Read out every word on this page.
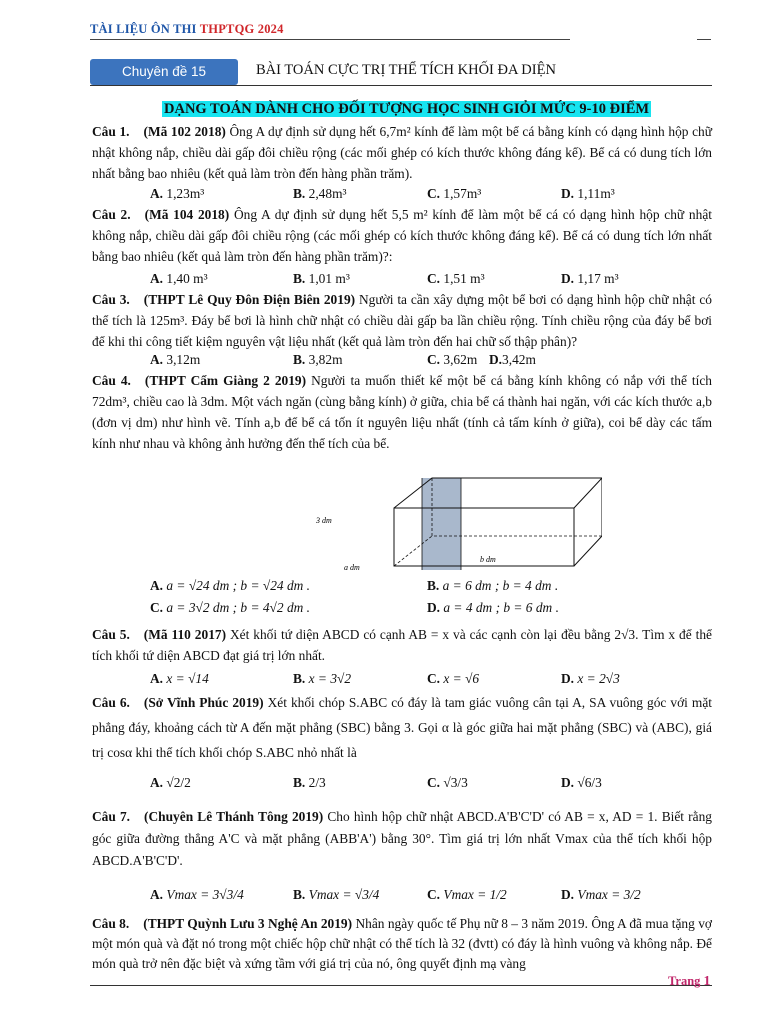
TÀI LIỆU ÔN THI THPTQG 2024
Chuyên đề 15	BÀI TOÁN CỰC TRỊ THỂ TÍCH KHỐI ĐA DIỆN
DẠNG TOÁN DÀNH CHO ĐỐI TƯỢNG HỌC SINH GIỎI MỨC 9-10 ĐIỂM
Câu 1. (Mã 102 2018) Ông A dự định sử dụng hết 6,7m² kính để làm một bể cá bằng kính có dạng hình hộp chữ nhật không nắp, chiều dài gấp đôi chiều rộng (các mối ghép có kích thước không đáng kể). Bể cá có dung tích lớn nhất bằng bao nhiêu (kết quả làm tròn đến hàng phần trăm).
A. 1,23m³	B. 2,48m³	C. 1,57m³	D. 1,11m³
Câu 2. (Mã 104 2018) Ông A dự định sử dụng hết 5,5 m² kính để làm một bể cá có dạng hình hộp chữ nhật không nắp, chiều dài gấp đôi chiều rộng (các mối ghép có kích thước không đáng kể). Bể cá có dung tích lớn nhất bằng bao nhiêu (kết quả làm tròn đến hàng phần trăm)?:
A. 1,40 m³	B. 1,01 m³	C. 1,51 m³	D. 1,17 m³
Câu 3. (THPT Lê Quy Đôn Điện Biên 2019) Người ta cần xây dựng một bể bơi có dạng hình hộp chữ nhật có thể tích là 125m³. Đáy bể bơi là hình chữ nhật có chiều dài gấp ba lần chiều rộng. Tính chiều rộng của đáy bể bơi để khi thi công tiết kiệm nguyên vật liệu nhất (kết quả làm tròn đến hai chữ số thập phân)?
A. 3,12m	B. 3,82m	C. 3,62m D.3,42m
Câu 4. (THPT Cẩm Giàng 2 2019) Người ta muốn thiết kế một bể cá bằng kính không có nắp với thể tích 72dm³, chiều cao là 3dm. Một vách ngăn (cùng bằng kính) ở giữa, chia bể cá thành hai ngăn, với các kích thước a,b (đơn vị dm) như hình vẽ. Tính a,b để bể cá tốn ít nguyên liệu nhất (tính cả tấm kính ở giữa), coi bể dày các tấm kính như nhau và không ảnh hưởng đến thể tích của bể.
3 dm
b dm
a dm
A. a = √24 dm ; b = √24 dm .	B. a = 6 dm ; b = 4 dm .
C. a = 3√2 dm ; b = 4√2 dm .	D. a = 4 dm ; b = 6 dm .
Câu 5. (Mã 110 2017) Xét khối tứ diện ABCD có cạnh AB = x và các cạnh còn lại đều bằng 2√3. Tìm x để thể tích khối tứ diện ABCD đạt giá trị lớn nhất.
A. x = √14	B. x = 3√2	C. x = √6	D. x = 2√3
Câu 6. (Sở Vĩnh Phúc 2019) Xét khối chóp S.ABC có đáy là tam giác vuông cân tại A, SA vuông góc với mặt phẳng đáy, khoảng cách từ A đến mặt phẳng (SBC) bằng 3. Gọi α là góc giữa hai mặt phẳng (SBC) và (ABC), giá trị cosα khi thể tích khối chóp S.ABC nhỏ nhất là
A. √2/2	B. 2/3	C. √3/3	D. √6/3
Câu 7. (Chuyên Lê Thánh Tông 2019) Cho hình hộp chữ nhật ABCD.A'B'C'D' có AB = x, AD = 1. Biết rằng góc giữa đường thẳng A'C và mặt phẳng (ABB'A') bằng 30°. Tìm giá trị lớn nhất Vmax của thể tích khối hộp ABCD.A'B'C'D'.
A. Vmax = 3√3/4	B. Vmax = √3/4	C. Vmax = 1/2	D. Vmax = 3/2
Câu 8. (THPT Quỳnh Lưu 3 Nghệ An 2019) Nhân ngày quốc tế Phụ nữ 8 – 3 năm 2019. Ông A đã mua tặng vợ một món quà và đặt nó trong một chiếc hộp chữ nhật có thể tích là 32 (đvtt) có đáy là hình vuông và không nắp. Để món quà trở nên đặc biệt và xứng tầm với giá trị của nó, ông quyết định mạ vàng
Trang 1
